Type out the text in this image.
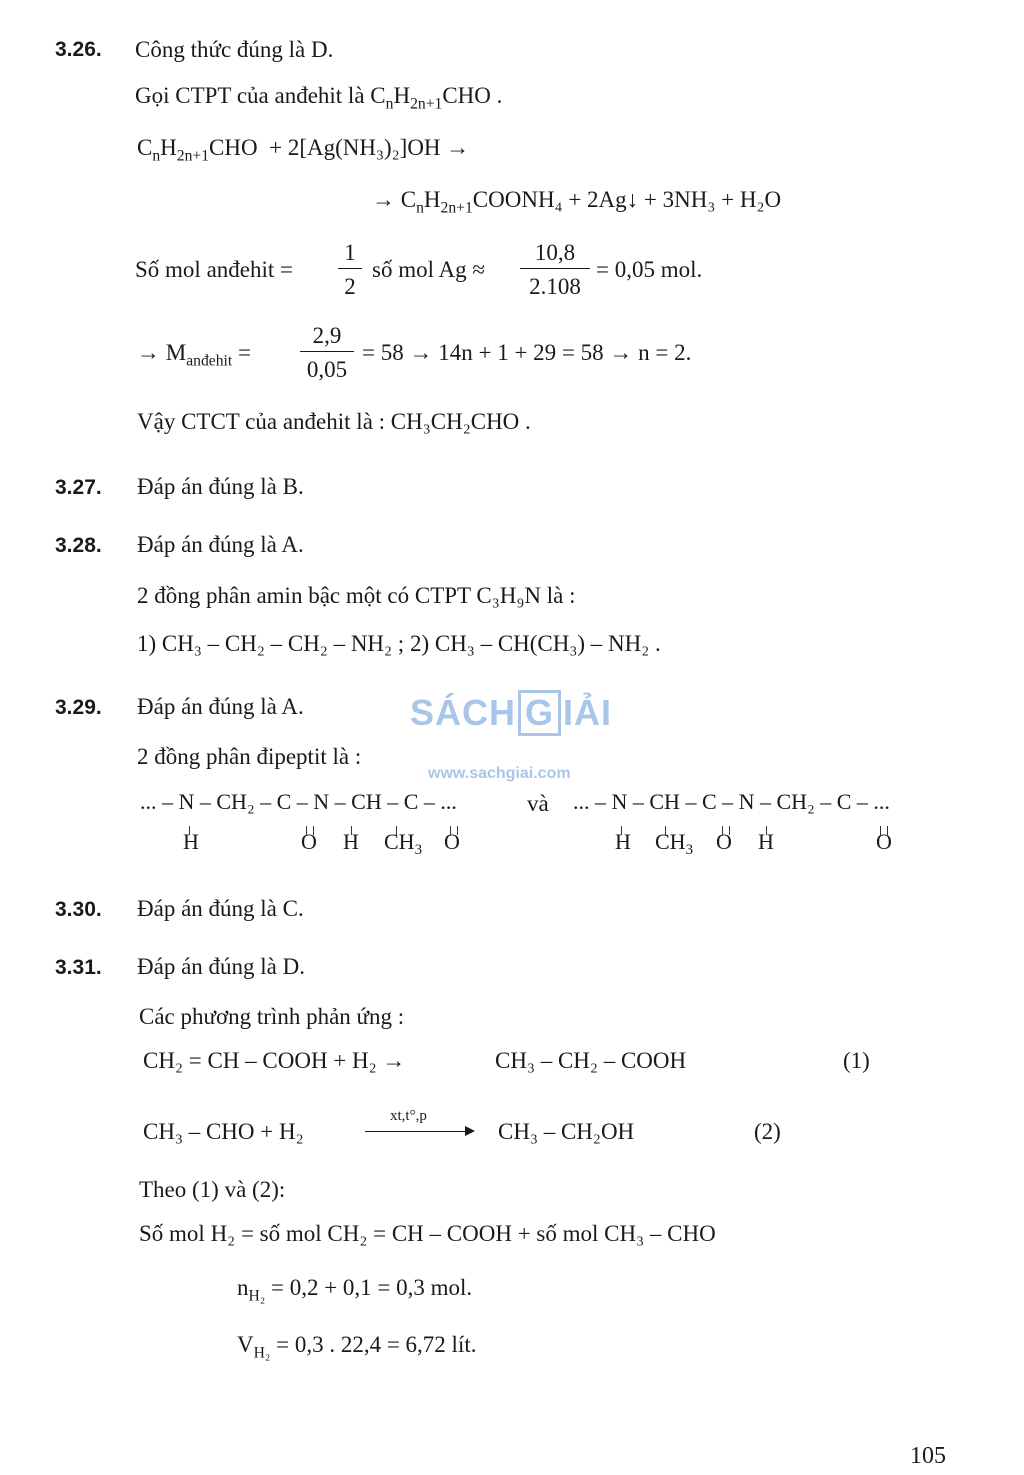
3.26. Công thức đúng là D.
Gọi CTPT của anđehit là $C_nH_{2n+1}CHO$ .
$C_nH_{2n+1}CHO + 2[Ag(NH_3)_2]OH$ →
→ $C_nH_{2n+1}COONH_4$ + 2Ag↓ + 3NH₃ + H₂O
Số mol anđehit =
1
2
số mol Ag ≈
10,8
2.108
= 0,05 mol.
→ $M_{anđehit}$ =
2,9
0,05
= 58 → 14n + 1 + 29 = 58 → n = 2.
Vậy CTCT của anđehit là : CH₃CH₂CHO .
3.27. Đáp án đúng là B.
3.28. Đáp án đúng là A.
2 đồng phân amin bậc một có CTPT C₃H₉N là :
1) CH₃ – CH₂ – CH₂ – NH₂ ; 2) CH₃ – CH(CH₃) – NH₂ .
3.29. Đáp án đúng là A.
2 đồng phân đipeptit là :
... – N – CH₂ – C – N – CH – C – ...
H	O H $CH_3$ O
và ... – N – CH – C – N – CH₂ – C – ...
H $CH_3$ O H	O
SÁCH G IẢI
www.sachgiai.com
3.30. Đáp án đúng là C.
3.31. Đáp án đúng là D.
Các phương trình phản ứng :
CH₂ = CH – COOH + H₂ →	CH₃ – CH₂ – COOH	(1)
CH₃ – CHO + H₂
xt,t°,p
CH₃ – CH₂OH	(2)
Theo (1) và (2):
Số mol H₂ = số mol CH₂ = CH – COOH + số mol CH₃ – CHO
$n_{H_2} = 0,2 + 0,1 = 0,3$ mol.
$V_{H_2} = 0,3$ . 22,4 = 6,72 lít.
105
